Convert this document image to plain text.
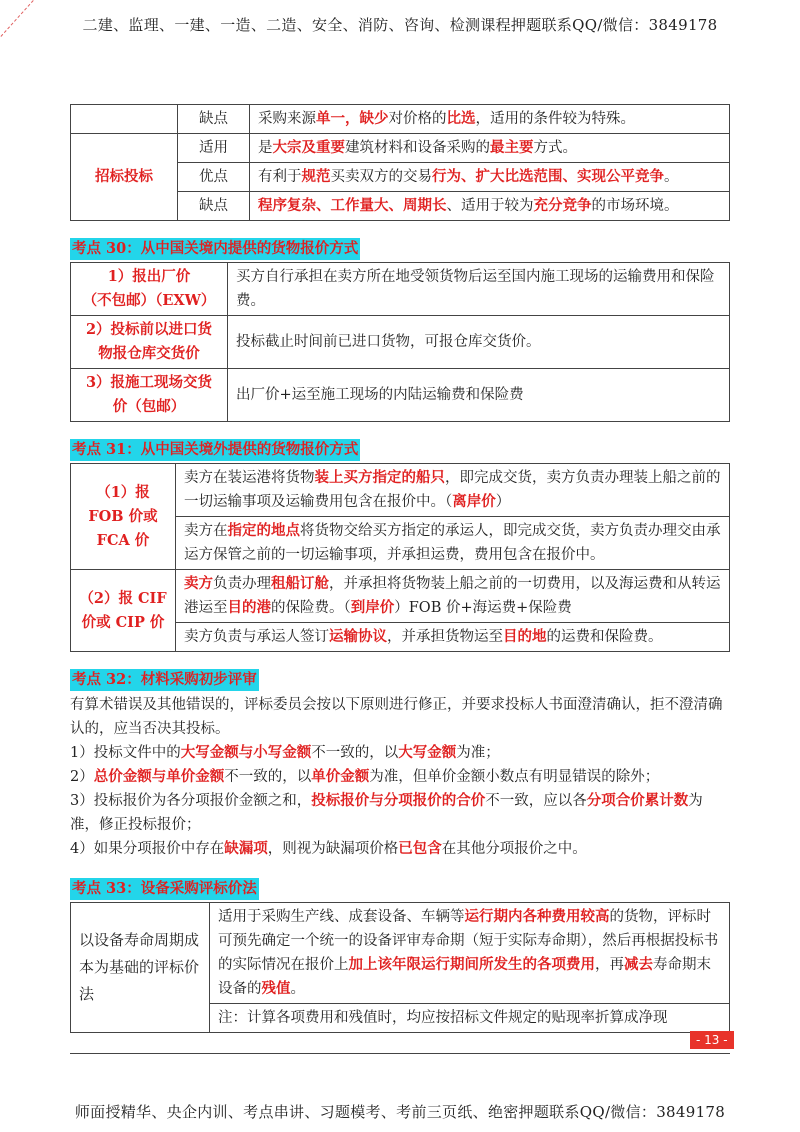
二建、监理、一建、一造、二造、安全、消防、咨询、检测课程押题联系QQ/微信：3849178
	缺点	采购来源单一，缺少对价格的比选，适用的条件较为特殊。
招标投标	适用	是大宗及重要建筑材料和设备采购的最主要方式。
	优点	有利于规范买卖双方的交易行为、扩大比选范围、实现公平竞争。
	缺点	程序复杂、工作量大、周期长、适用于较为充分竞争的市场环境。
考点 30：从中国关境内提供的货物报价方式
1）报出厂价
（不包邮）（EXW）	买方自行承担在卖方所在地受领货物后运至国内施工现场的运输费用和保险费。
2）投标前以进口货物报仓库交货价	投标截止时间前已进口货物，可报仓库交货价。
3）报施工现场交货价（包邮）	出厂价+运至施工现场的内陆运输费和保险费
考点 31：从中国关境外提供的货物报价方式
（1）报 FOB 价或 FCA 价	卖方在装运港将货物装上买方指定的船只，即完成交货，卖方负责办理装上船之前的一切运输事项及运输费用包含在报价中。（离岸价）
	卖方在指定的地点将货物交给买方指定的承运人，即完成交货，卖方负责办理交由承运方保管之前的一切运输事项，并承担运费，费用包含在报价中。
（2）报 CIF 价或 CIP 价	卖方负责办理租船订舱，并承担将货物装上船之前的一切费用，以及海运费和从转运港运至目的港的保险费。（到岸价）FOB 价+海运费+保险费
	卖方负责与承运人签订运输协议，并承担货物运至目的地的运费和保险费。
考点 32：材料采购初步评审

有算术错误及其他错误的，评标委员会按以下原则进行修正，并要求投标人书面澄清确认，拒不澄清确认的，应当否决其投标。

1）投标文件中的大写金额与小写金额不一致的，以大写金额为准；

2）总价金额与单价金额不一致的，以单价金额为准，但单价金额小数点有明显错误的除外；

3）投标报价为各分项报价金额之和，投标报价与分项报价的合价不一致，应以各分项合价累计数为准，修正投标报价；

4）如果分项报价中存在缺漏项，则视为缺漏项价格已包含在其他分项报价之中。

考点 33：设备采购评标价法
以设备寿命周期成本为基础的评标价法	适用于采购生产线、成套设备、车辆等运行期内各种费用较高的货物，评标时可预先确定一个统一的设备评审寿命期（短于实际寿命期），然后再根据投标书的实际情况在报价上加上该年限运行期间所发生的各项费用，再减去寿命期末设备的残值。
注：计算各项费用和残值时，均应按招标文件规定的贴现率折算成净现
- 13 -
师面授精华、央企内训、考点串讲、习题模考、考前三页纸、绝密押题联系QQ/微信：3849178
